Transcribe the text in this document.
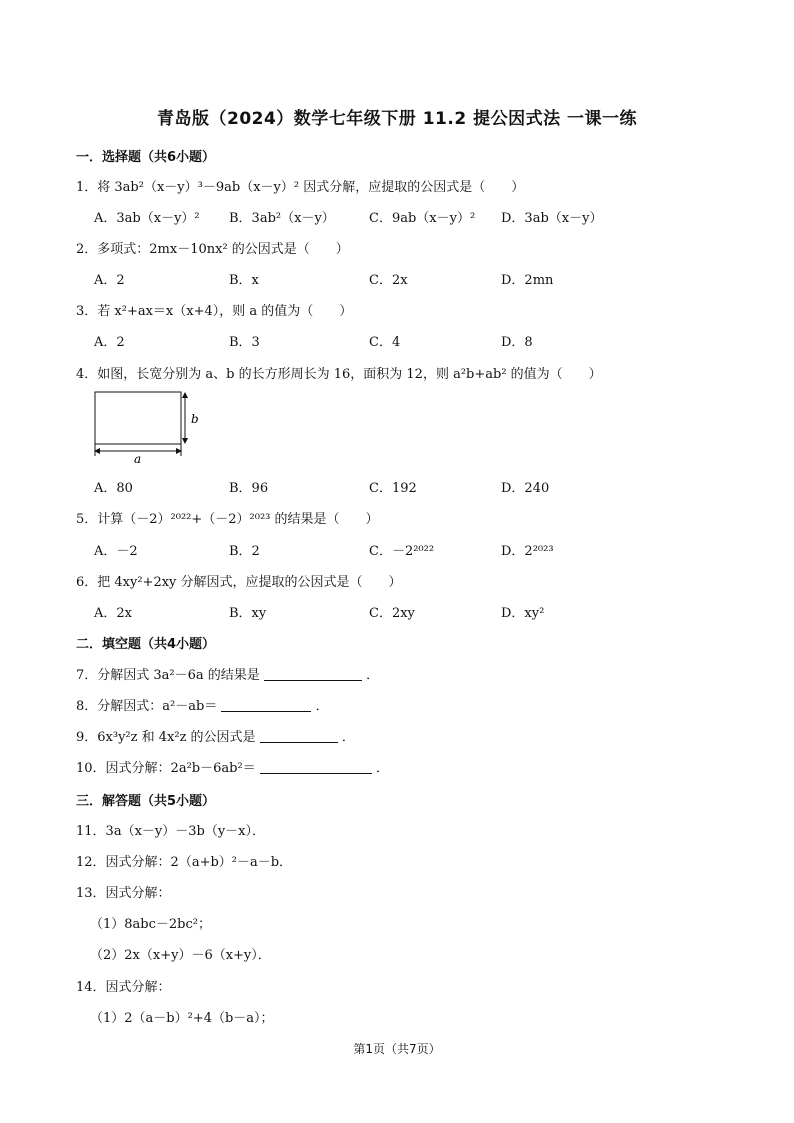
青岛版（2024）数学七年级下册 11.2 提公因式法 一课一练
一．选择题（共6小题）
1．将 3ab²（x－y）³－9ab（x－y）² 因式分解，应提取的公因式是（　　）
A．3ab（x－y）² B．3ab²（x－y）	C．9ab（x－y）² D．3ab（x－y）
2．多项式：2mx－10nx² 的公因式是（　　）
A．2	B．x	C．2x	D．2mn
3．若 x²+ax＝x（x+4），则 a 的值为（　　）
A．2	B．3	C．4	D．8
4．如图，长宽分别为 a、b 的长方形周长为 16，面积为 12，则 a²b+ab² 的值为（　　）
b
a
A．80	B．96	C．192	D．240
5．计算（－2）²⁰²²+（－2）²⁰²³ 的结果是（　　）
A．－2	B．2	C．－2²⁰²²	D．2²⁰²³
6．把 4xy²+2xy 分解因式，应提取的公因式是（　　）
A．2x	B．xy	C．2xy	D．xy²
二．填空题（共4小题）
7．分解因式 3a²－6a 的结果是	．
8．分解因式：a²－ab＝	．
9．6x³y²z 和 4x²z 的公因式是	．
10．因式分解：2a²b－6ab²＝	．
三．解答题（共5小题）
11．3a（x－y）－3b（y－x）．
12．因式分解：2（a+b）²－a－b．
13．因式分解：
（1）8abc－2bc²；
（2）2x（x+y）－6（x+y）．
14．因式分解：
（1）2（a－b）²+4（b－a）；
第1页（共7页）
